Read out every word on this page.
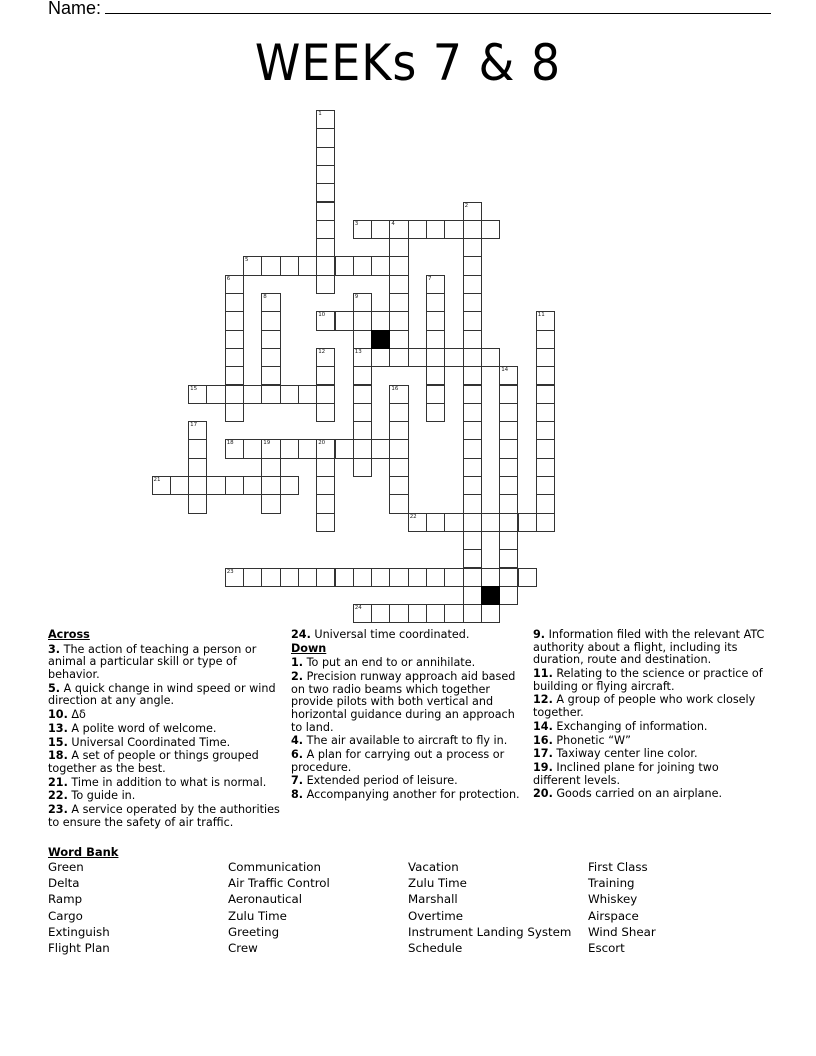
Name:
WEEKs 7 & 8
1
2
3	4
5
6	7
8	9
13
10	11
12
14
15	16
17
18	19	20
21
22
23
24
Across
3. The action of teaching a person or animal a particular skill or type of behavior.
5. A quick change in wind speed or wind direction at any angle.
10. Δδ
13. A polite word of welcome.
15. Universal Coordinated Time.
18. A set of people or things grouped together as the best.
21. Time in addition to what is normal.
22. To guide in.
23. A service operated by the authorities to ensure the safety of air traffic.
24. Universal time coordinated.
Down
1. To put an end to or annihilate.
2. Precision runway approach aid based on two radio beams which together provide pilots with both vertical and horizontal guidance during an approach to land.
4. The air available to aircraft to fly in.
6. A plan for carrying out a process or procedure.
7. Extended period of leisure.
8. Accompanying another for protection.
9. Information filed with the relevant ATC authority about a flight, including its duration, route and destination.
11. Relating to the science or practice of building or flying aircraft.
12. A group of people who work closely together.
14. Exchanging of information.
16. Phonetic “W”
17. Taxiway center line color.
19. Inclined plane for joining two different levels.
20. Goods carried on an airplane.
Word Bank
Green
Delta
Ramp
Cargo
Extinguish
Flight Plan
Communication
Air Traffic Control
Aeronautical
Zulu Time
Greeting
Crew
Vacation
Zulu Time
Marshall
Overtime
Instrument Landing System
Schedule
First Class
Training
Whiskey
Airspace
Wind Shear
Escort
